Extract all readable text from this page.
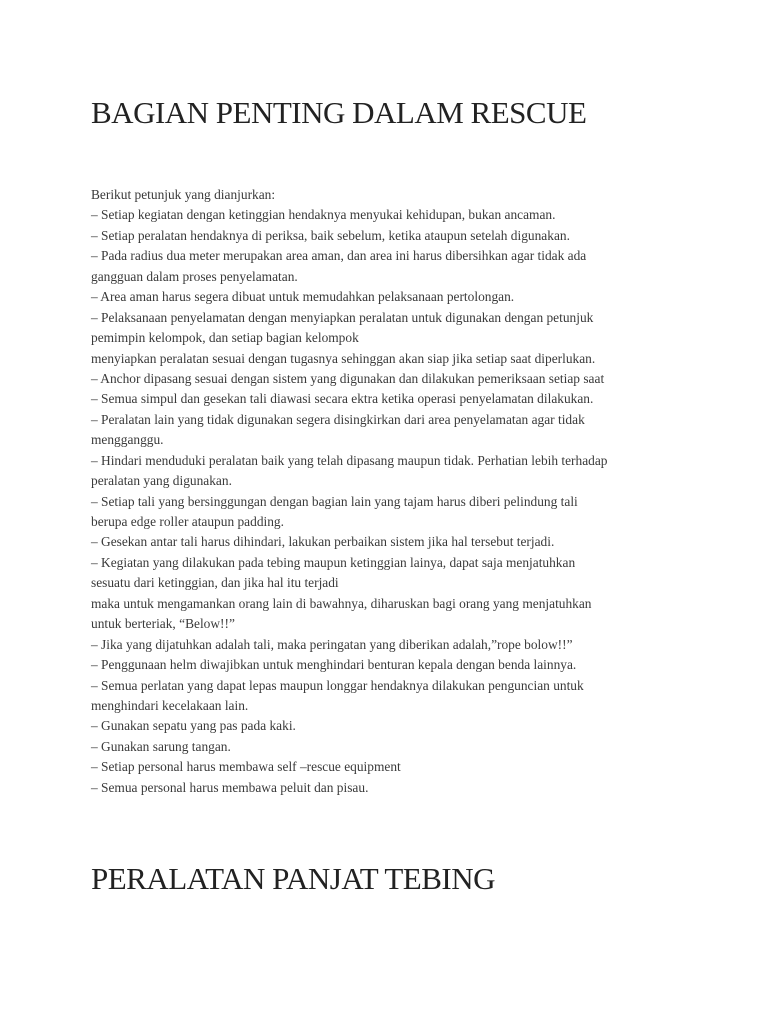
BAGIAN PENTING DALAM RESCUE
Berikut petunjuk yang dianjurkan:
– Setiap kegiatan dengan ketinggian hendaknya menyukai kehidupan, bukan ancaman.
– Setiap peralatan hendaknya di periksa, baik sebelum, ketika ataupun setelah digunakan.
– Pada radius dua meter merupakan area aman, dan area ini harus dibersihkan agar tidak ada
gangguan dalam proses penyelamatan.
– Area aman harus segera dibuat untuk memudahkan pelaksanaan pertolongan.
– Pelaksanaan penyelamatan dengan menyiapkan peralatan untuk digunakan dengan petunjuk
pemimpin kelompok, dan setiap bagian kelompok
menyiapkan peralatan sesuai dengan tugasnya sehinggan akan siap jika setiap saat diperlukan.
– Anchor dipasang sesuai dengan sistem yang digunakan dan dilakukan pemeriksaan setiap saat
– Semua simpul dan gesekan tali diawasi secara ektra ketika operasi penyelamatan dilakukan.
– Peralatan lain yang tidak digunakan segera disingkirkan dari area penyelamatan agar tidak
mengganggu.
– Hindari menduduki peralatan baik yang telah dipasang maupun tidak. Perhatian lebih terhadap
peralatan yang digunakan.
– Setiap tali yang bersinggungan dengan bagian lain yang tajam harus diberi pelindung tali
berupa edge roller ataupun padding.
– Gesekan antar tali harus dihindari, lakukan perbaikan sistem jika hal tersebut terjadi.
– Kegiatan yang dilakukan pada tebing maupun ketinggian lainya, dapat saja menjatuhkan
sesuatu dari ketinggian, dan jika hal itu terjadi
maka untuk mengamankan orang lain di bawahnya, diharuskan bagi orang yang menjatuhkan
untuk berteriak, “Below!!”
– Jika yang dijatuhkan adalah tali, maka peringatan yang diberikan adalah,”rope bolow!!”
– Penggunaan helm diwajibkan untuk menghindari benturan kepala dengan benda lainnya.
– Semua perlatan yang dapat lepas maupun longgar hendaknya dilakukan penguncian untuk
menghindari kecelakaan lain.
– Gunakan sepatu yang pas pada kaki.
– Gunakan sarung tangan.
– Setiap personal harus membawa self –rescue equipment
– Semua personal harus membawa peluit dan pisau.
PERALATAN PANJAT TEBING
